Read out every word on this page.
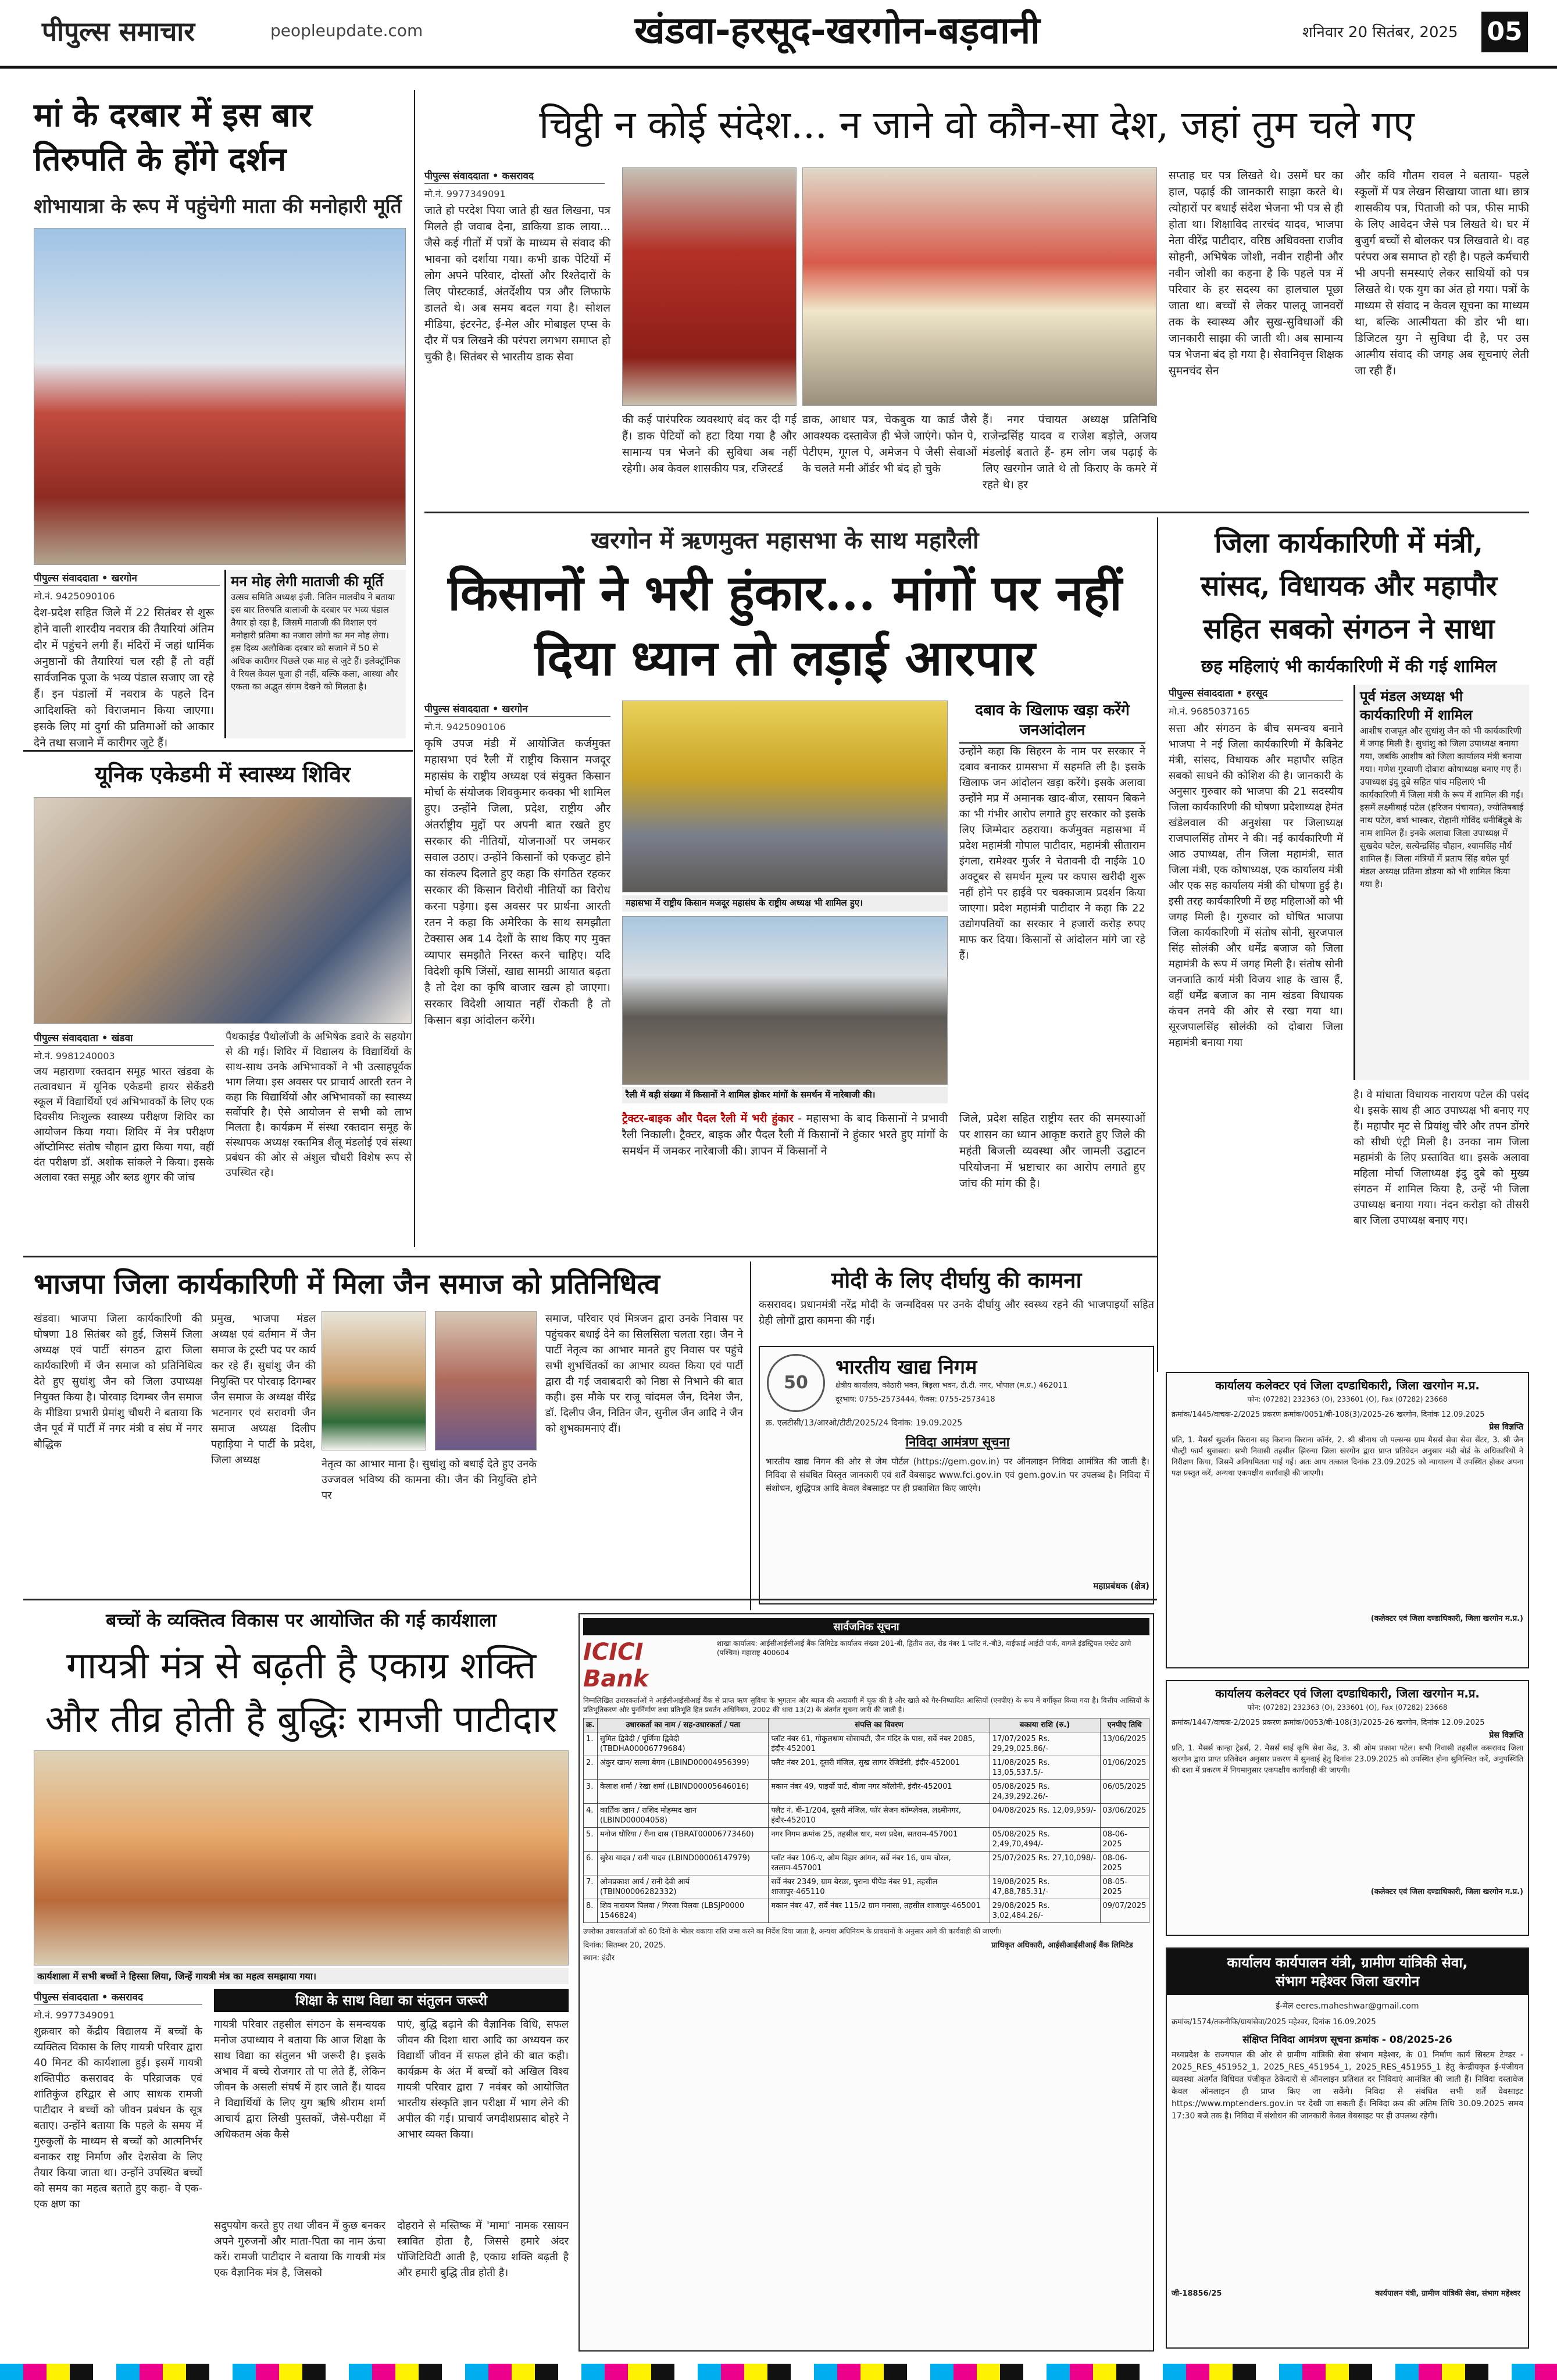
पीपुल्स समाचार	peopleupdate.com	खंडवा-हरसूद-खरगोन-बड़वानी	शनिवार 20 सितंबर, 2025	05
मां के दरबार में इस बार तिरुपति के होंगे दर्शन
शोभायात्रा के रूप में पहुंचेगी माता की मनोहारी मूर्ति
पीपुल्स संवाददाता • खरगोन
मो.नं. 9425090106
देश-प्रदेश सहित जिले में 22 सितंबर से शुरू होने वाली शारदीय नवरात्र की तैयारियां अंतिम दौर में पहुंचने लगी हैं। मंदिरों में जहां धार्मिक अनुष्ठानों की तैयारियां चल रही हैं तो वहीं सार्वजनिक पूजा के भव्य पंडाल सजाए जा रहे हैं। इन पंडालों में नवरात्र के पहले दिन आदिशक्ति को विराजमान किया जाएगा। इसके लिए मां दुर्गा की प्रतिमाओं को आकार देने तथा सजाने में कारीगर जुटे हैं।
मन मोह लेगी माताजी की मूर्ति
उत्सव समिति अध्यक्ष इंजी. नितिन मालवीय ने बताया इस बार तिरुपति बालाजी के दरबार पर भव्य पंडाल तैयार हो रहा है, जिसमें माताजी की विशाल एवं मनोहारी प्रतिमा का नजारा लोगों का मन मोह लेगा। इस दिव्य अलौकिक दरबार को सजाने में 50 से अधिक कारीगर पिछले एक माह से जुटे हैं। इलेक्ट्रॉनिक वे रियल केवल पूजा ही नहीं, बल्कि कला, आस्था और एकता का अद्भुत संगम देखने को मिलता है।
चिट्ठी न कोई संदेश... न जाने वो कौन-सा देश, जहां तुम चले गए
पीपुल्स संवाददाता • कसरावद
मो.नं. 9977349091
जाते हो परदेश पिया जाते ही खत लिखना, पत्र मिलते ही जवाब देना, डाकिया डाक लाया... जैसे कई गीतों में पत्रों के माध्यम से संवाद की भावना को दर्शाया गया। कभी डाक पेटियों में लोग अपने परिवार, दोस्तों और रिश्तेदारों के लिए पोस्टकार्ड, अंतर्देशीय पत्र और लिफाफे डालते थे। अब समय बदल गया है। सोशल मीडिया, इंटरनेट, ई-मेल और मोबाइल एप्स के दौर में पत्र लिखने की परंपरा लगभग समाप्त हो चुकी है। सितंबर से भारतीय डाक सेवा
की कई पारंपरिक व्यवस्थाएं बंद कर दी गई हैं। डाक पेटियों को हटा दिया गया है और सामान्य पत्र भेजने की सुविधा अब नहीं रहेगी। अब केवल शासकीय पत्र, रजिस्टर्ड
डाक, आधार पत्र, चेकबुक या कार्ड जैसे आवश्यक दस्तावेज ही भेजे जाएंगे। फोन पे, पेटीएम, गूगल पे, अमेजन पे जैसी सेवाओं के चलते मनी ऑर्डर भी बंद हो चुके
हैं। नगर पंचायत अध्यक्ष प्रतिनिधि राजेन्द्रसिंह यादव व राजेश बड़ोले, अजय मंडलोई बताते हैं- हम लोग जब पढ़ाई के लिए खरगोन जाते थे तो किराए के कमरे में रहते थे। हर
सप्ताह घर पत्र लिखते थे। उसमें घर का हाल, पढ़ाई की जानकारी साझा करते थे। त्योहारों पर बधाई संदेश भेजना भी पत्र से ही होता था। शिक्षाविद तारचंद यादव, भाजपा नेता वीरेंद्र पाटीदार, वरिष्ठ अधिवक्ता राजीव सोहनी, अभिषेक जोशी, नवीन राहीनी और नवीन जोशी का कहना है कि पहले पत्र में परिवार के हर सदस्य का हालचाल पूछा जाता था। बच्चों से लेकर पालतू जानवरों तक के स्वास्थ्य और सुख-सुविधाओं की जानकारी साझा की जाती थी। अब सामान्य पत्र भेजना बंद हो गया है। सेवानिवृत्त शिक्षक सुमनचंद सेन
और कवि गौतम रावल ने बताया- पहले स्कूलों में पत्र लेखन सिखाया जाता था। छात्र शासकीय पत्र, पिताजी को पत्र, फीस माफी के लिए आवेदन जैसे पत्र लिखते थे। घर में बुजुर्ग बच्चों से बोलकर पत्र लिखवाते थे। वह परंपरा अब समाप्त हो रही है। पहले कर्मचारी भी अपनी समस्याएं लेकर साथियों को पत्र लिखते थे। एक युग का अंत हो गया। पत्रों के माध्यम से संवाद न केवल सूचना का माध्यम था, बल्कि आत्मीयता की डोर भी था। डिजिटल युग ने सुविधा दी है, पर उस आत्मीय संवाद की जगह अब सूचनाएं लेती जा रही हैं।
खरगोन में ऋणमुक्त महासभा के साथ महारैली
किसानों ने भरी हुंकार... मांगों पर नहीं दिया ध्यान तो लड़ाई आरपार
पीपुल्स संवाददाता • खरगोन
मो.नं. 9425090106
कृषि उपज मंडी में आयोजित कर्जमुक्त महासभा एवं रैली में राष्ट्रीय किसान मजदूर महासंघ के राष्ट्रीय अध्यक्ष एवं संयुक्त किसान मोर्चा के संयोजक शिवकुमार कक्का भी शामिल हुए। उन्होंने जिला, प्रदेश, राष्ट्रीय और अंतर्राष्ट्रीय मुद्दों पर अपनी बात रखते हुए सरकार की नीतियों, योजनाओं पर जमकर सवाल उठाए। उन्होंने किसानों को एकजुट होने का संकल्प दिलाते हुए कहा कि संगठित रहकर सरकार की किसान विरोधी नीतियों का विरोध करना पड़ेगा। इस अवसर पर प्रार्थना आरती रतन ने कहा कि अमेरिका के साथ समझौता टेक्सास अब 14 देशों के साथ किए गए मुक्त व्यापार समझौते निरस्त करने चाहिए। यदि विदेशी कृषि जिंसों, खाद्य सामग्री आयात बढ़ता है तो देश का कृषि बाजार खत्म हो जाएगा। सरकार विदेशी आयात नहीं रोकती है तो किसान बड़ा आंदोलन करेंगे।
महासभा में राष्ट्रीय किसान मजदूर महासंघ के राष्ट्रीय अध्यक्ष भी शामिल हुए।
रैली में बड़ी संख्या में किसानों ने शामिल होकर मांगों के समर्थन में नारेबाजी की।
दबाव के खिलाफ खड़ा करेंगे जनआंदोलन
उन्होंने कहा कि सिहरन के नाम पर सरकार ने दबाव बनाकर ग्रामसभा में सहमति ली है। इसके खिलाफ जन आंदोलन खड़ा करेंगे। इसके अलावा उन्होंने मप्र में अमानक खाद-बीज, रसायन बिकने का भी गंभीर आरोप लगाते हुए सरकार को इसके लिए जिम्मेदार ठहराया। कर्जमुक्त महासभा में प्रदेश महामंत्री गोपाल पाटीदार, महामंत्री सीताराम इंगला, रामेश्वर गुर्जर ने चेतावनी दी नाईके 10 अक्टूबर से समर्थन मूल्य पर कपास खरीदी शुरू नहीं होने पर हाईवे पर चक्काजाम प्रदर्शन किया जाएगा। प्रदेश महामंत्री पाटीदार ने कहा कि 22 उद्योगपतियों का सरकार ने हजारों करोड़ रुपए माफ कर दिया। किसानों से आंदोलन मांगे जा रहे हैं।
ट्रैक्टर-बाइक और पैदल रैली में भरी हुंकार - महासभा के बाद किसानों ने प्रभावी रैली निकाली। ट्रैक्टर, बाइक और पैदल रैली में किसानों ने हुंकार भरते हुए मांगों के समर्थन में जमकर नारेबाजी की। ज्ञापन में किसानों ने
जिले, प्रदेश सहित राष्ट्रीय स्तर की समस्याओं पर शासन का ध्यान आकृष्ट कराते हुए जिले की महंती बिजली व्यवस्था और जामली उद्घाटन परियोजना में भ्रष्टाचार का आरोप लगाते हुए जांच की मांग की है।
जिला कार्यकारिणी में मंत्री,
सांसद, विधायक और महापौर
सहित सबको संगठन ने साधा
छह महिलाएं भी कार्यकारिणी में की गई शामिल
पीपुल्स संवाददाता • हरसूद
मो.नं. 9685037165
सत्ता और संगठन के बीच समन्वय बनाने भाजपा ने नई जिला कार्यकारिणी में कैबिनेट मंत्री, सांसद, विधायक और महापौर सहित सबको साधने की कोशिश की है। जानकारी के अनुसार गुरुवार को भाजपा की 21 सदस्यीय जिला कार्यकारिणी की घोषणा प्रदेशाध्यक्ष हेमंत खंडेलवाल की अनुशंसा पर जिलाध्यक्ष राजपालसिंह तोमर ने की। नई कार्यकारिणी में आठ उपाध्यक्ष, तीन जिला महामंत्री, सात जिला मंत्री, एक कोषाध्यक्ष, एक कार्यालय मंत्री और एक सह कार्यालय मंत्री की घोषणा हुई है। इसी तरह कार्यकारिणी में छह महिलाओं को भी जगह मिली है। गुरुवार को घोषित भाजपा जिला कार्यकारिणी में संतोष सोनी, सुरजपाल सिंह सोलंकी और धर्मेंद्र बजाज को जिला महामंत्री के रूप में जगह मिली है। संतोष सोनी जनजाति कार्य मंत्री विजय शाह के खास हैं, वहीं धर्मेंद्र बजाज का नाम खंडवा विधायक कंचन तनवे की ओर से रखा गया था। सूरजपालसिंह सोलंकी को दोबारा जिला महामंत्री बनाया गया
पूर्व मंडल अध्यक्ष भी कार्यकारिणी में शामिल
आशीष राजपूत और सुधांशु जैन को भी कार्यकारिणी में जगह मिली है। सुधांशु को जिला उपाध्यक्ष बनाया गया, जबकि आशीष को जिला कार्यालय मंत्री बनाया गया। गणेश गुरवाणी दोबारा कोषाध्यक्ष बनाए गए हैं। उपाध्यक्ष इंदु दुबे सहित पांच महिलाएं भी कार्यकारिणी में जिला मंत्री के रूप में शामिल की गई। इसमें लक्ष्मीबाई पटेल (हरिजन पंचायत), ज्योतिषबाई नाथ पटेल, वर्षा भास्कर, रोहानी गोविंद धनीबिंदुबे के नाम शामिल हैं। इनके अलावा जिला उपाध्यक्ष में सुखदेव पटेल, सत्येन्द्रसिंह चौहान, श्यामसिंह मौर्य शामिल हैं। जिला मंत्रियों में प्रताप सिंह बघेल पूर्व मंडल अध्यक्ष प्रतिमा डोडया को भी शामिल किया गया है।
है। वे मांधाता विधायक नारायण पटेल की पसंद थे। इसके साथ ही आठ उपाध्यक्ष भी बनाए गए हैं। महापौर मृट से प्रियांशु चौरे और तपन डोंगरे को सीधी एंट्री मिली है। उनका नाम जिला महामंत्री के लिए प्रस्तावित था। इसके अलावा महिला मोर्चा जिलाध्यक्ष इंदु दुबे को मुख्य संगठन में शामिल किया है, उन्हें भी जिला उपाध्यक्ष बनाया गया। नंदन करोड़ा को तीसरी बार जिला उपाध्यक्ष बनाए गए।
यूनिक एकेडमी में स्वास्थ्य शिविर
पीपुल्स संवाददाता • खंडवा
मो.नं. 9981240003
जय महाराणा रक्तदान समूह भारत खंडवा के तत्वावधान में यूनिक एकेडमी हायर सेकेंडरी स्कूल में विद्यार्थियों एवं अभिभावकों के लिए एक दिवसीय निःशुल्क स्वास्थ्य परीक्षण शिविर का आयोजन किया गया। शिविर में नेत्र परीक्षण ऑप्टोमिस्ट संतोष चौहान द्वारा किया गया, वहीं दंत परीक्षण डॉ. अशोक सांकले ने किया। इसके अलावा रक्त समूह और ब्लड शुगर की जांच
पैथकाईड पैथोलॉजी के अभिषेक डवारे के सहयोग से की गई। शिविर में विद्यालय के विद्यार्थियों के साथ-साथ उनके अभिभावकों ने भी उत्साहपूर्वक भाग लिया। इस अवसर पर प्राचार्य आरती रतन ने कहा कि विद्यार्थियों और अभिभावकों का स्वास्थ्य सर्वोपरि है। ऐसे आयोजन से सभी को लाभ मिलता है। कार्यक्रम में संस्था रक्तदान समूह के संस्थापक अध्यक्ष रक्तमित्र शैलू मंडलोई एवं संस्था प्रबंधन की ओर से अंशुल चौधरी विशेष रूप से उपस्थित रहे।
भाजपा जिला कार्यकारिणी में मिला जैन समाज को प्रतिनिधित्व
खंडवा। भाजपा जिला कार्यकारिणी की घोषणा 18 सितंबर को हुई, जिसमें जिला अध्यक्ष एवं पार्टी संगठन द्वारा जिला कार्यकारिणी में जैन समाज को प्रतिनिधित्व देते हुए सुधांशु जैन को जिला उपाध्यक्ष नियुक्त किया है। पोरवाड़ दिगम्बर जैन समाज के मीडिया प्रभारी प्रेमांशु चौधरी ने बताया कि जैन पूर्व में पार्टी में नगर मंत्री व संघ में नगर बौद्धिक
प्रमुख, भाजपा मंडल अध्यक्ष एवं वर्तमान में जैन समाज के ट्रस्टी पद पर कार्य कर रहे हैं। सुधांशु जैन की नियुक्ति पर पोरवाड़ दिगम्बर जैन समाज के अध्यक्ष वीरेंद्र भटनागर एवं सरावगी जैन समाज अध्यक्ष दिलीप पहाड़िया ने पार्टी के प्रदेश, जिला अध्यक्ष
समाज, परिवार एवं मित्रजन द्वारा उनके निवास पर पहुंचकर बधाई देने का सिलसिला चलता रहा। जैन ने पार्टी नेतृत्व का आभार मानते हुए निवास पर पहुंचे सभी शुभचिंतकों का आभार व्यक्त किया एवं पार्टी द्वारा दी गई जवाबदारी को निष्ठा से निभाने की बात कही। इस मौके पर राजू चांदमल जैन, दिनेश जैन, डॉ. दिलीप जैन, नितिन जैन, सुनील जैन आदि ने जैन को शुभकामनाएं दीं।
नेतृत्व का आभार माना है। सुधांशु को बधाई देते हुए उनके उज्जवल भविष्य की कामना की। जैन की नियुक्ति होने पर
मोदी के लिए दीर्घायु की कामना
कसरावद। प्रधानमंत्री नरेंद्र मोदी के जन्मदिवस पर उनके दीर्घायु और स्वस्थ्य रहने की भाजपाइयों सहित ग्रेही लोगों द्वारा कामना की गई।
50
भारतीय खाद्य निगम
क्षेत्रीय कार्यालय, कोठारी भवन, बिड़ला भवन, टी.टी. नगर, भोपाल (म.प्र.) 462011
दूरभाष: 0755-2573444, फैक्स: 0755-2573418
क्र. एलटीसी/13/आरओ/टीटी/2025/24 दिनांक: 19.09.2025
निविदा आमंत्रण सूचना
भारतीय खाद्य निगम की ओर से जेम पोर्टल (https://gem.gov.in) पर ऑनलाइन निविदा आमंत्रित की जाती है। निविदा से संबंधित विस्तृत जानकारी एवं शर्तें वेबसाइट www.fci.gov.in एवं gem.gov.in पर उपलब्ध है। निविदा में संशोधन, शुद्धिपत्र आदि केवल वेबसाइट पर ही प्रकाशित किए जाएंगे।
महाप्रबंधक (क्षेत्र)
कार्यालय कलेक्टर एवं जिला दण्डाधिकारी, जिला खरगोन म.प्र.
फोन: (07282) 232363 (O), 233601 (O), Fax (07282) 23668
क्रमांक/1445/वाचक-2/2025 प्रकरण क्रमांक/0051/बी-108(3)/2025-26 खरगोन, दिनांक 12.09.2025
प्रेस विज्ञप्ति
प्रति, 1. मैसर्स सुदर्शन किराना सह किराना किराना कॉर्नर, 2. श्री श्रीनाथ जी पल्सन्स ग्राम मैसर्स सेवा सेवा सेंटर, 3. श्री जैन पौल्ट्री फार्म सुवासरा। सभी निवासी तहसील झिरन्या जिला खरगोन द्वारा प्राप्त प्रतिवेदन अनुसार मंडी बोर्ड के अधिकारियों ने निरीक्षण किया, जिसमें अनियमितता पाई गई। अतः आप तत्काल दिनांक 23.09.2025 को न्यायालय में उपस्थित होकर अपना पक्ष प्रस्तुत करें, अन्यथा एकपक्षीय कार्यवाही की जाएगी।
(कलेक्टर एवं जिला दण्डाधिकारी, जिला खरगोन म.प्र.)
कार्यालय कलेक्टर एवं जिला दण्डाधिकारी, जिला खरगोन म.प्र.
फोन: (07282) 232363 (O), 233601 (O), Fax (07282) 23668
क्रमांक/1447/वाचक-2/2025 प्रकरण क्रमांक/0053/बी-108(3)/2025-26 खरगोन, दिनांक 12.09.2025
प्रेस विज्ञप्ति
प्रति, 1. मैसर्स कान्हा ट्रेडर्स, 2. मैसर्स साई कृषि सेवा केंद्र, 3. श्री ओम प्रकाश पटेल। सभी निवासी तहसील कसरावद जिला खरगोन द्वारा प्राप्त प्रतिवेदन अनुसार प्रकरण में सुनवाई हेतु दिनांक 23.09.2025 को उपस्थित होना सुनिश्चित करें, अनुपस्थिति की दशा में प्रकरण में नियमानुसार एकपक्षीय कार्यवाही की जाएगी।
(कलेक्टर एवं जिला दण्डाधिकारी, जिला खरगोन म.प्र.)
कार्यालय कार्यपालन यंत्री, ग्रामीण यांत्रिकी सेवा,
संभाग महेश्वर जिला खरगोन
ई-मेल eeres.maheshwar@gmail.com
क्रमांक/1574/तकनीकि/ग्रायांसेवा/2025 महेश्वर, दिनांक 16.09.2025
संक्षिप्त निविदा आमंत्रण सूचना क्रमांक - 08/2025-26
मध्यप्रदेश के राज्यपाल की ओर से ग्रामीण यांत्रिकी सेवा संभाग महेश्वर, के 01 निर्माण कार्य सिस्टम टेण्डर - 2025_RES_451952_1, 2025_RES_451954_1, 2025_RES_451955_1 हेतु केन्द्रीयकृत ई-पंजीयन व्यवस्था अंतर्गत विधिवत पंजीकृत ठेकेदारों से ऑनलाइन प्रतिशत दर निविदाएं आमंत्रित की जाती हैं। निविदा दस्तावेज केवल ऑनलाइन ही प्राप्त किए जा सकेंगे। निविदा से संबंधित सभी शर्तें वेबसाइट https://www.mptenders.gov.in पर देखी जा सकती हैं। निविदा क्रय की अंतिम तिथि 30.09.2025 समय 17:30 बजे तक है। निविदा में संशोधन की जानकारी केवल वेबसाइट पर ही उपलब्ध रहेगी।
जी-18856/25	कार्यपालन यंत्री, ग्रामीण यांत्रिकी सेवा, संभाग महेश्वर
बच्चों के व्यक्तित्व विकास पर आयोजित की गई कार्यशाला
गायत्री मंत्र से बढ़ती है एकाग्र शक्ति
और तीव्र होती है बुद्धिः रामजी पाटीदार
कार्यशाला में सभी बच्चों ने हिस्सा लिया, जिन्हें गायत्री मंत्र का महत्व समझाया गया।
पीपुल्स संवाददाता • कसरावद
मो.नं. 9977349091
शुक्रवार को केंद्रीय विद्यालय में बच्चों के व्यक्तित्व विकास के लिए गायत्री परिवार द्वारा 40 मिनट की कार्यशाला हुई। इसमें गायत्री शक्तिपीठ कसरावद के परिव्राजक एवं शांतिकुंज हरिद्वार से आए साधक रामजी पाटीदार ने बच्चों को जीवन प्रबंधन के सूत्र बताए। उन्होंने बताया कि पहले के समय में गुरुकुलों के माध्यम से बच्चों को आत्मनिर्भर बनाकर राष्ट्र निर्माण और देशसेवा के लिए तैयार किया जाता था। उन्होंने उपस्थित बच्चों को समय का महत्व बताते हुए कहा- वे एक-एक क्षण का
शिक्षा के साथ विद्या का संतुलन जरूरी
गायत्री परिवार तहसील संगठन के समन्वयक मनोज उपाध्याय ने बताया कि आज शिक्षा के साथ विद्या का संतुलन भी जरूरी है। इसके अभाव में बच्चे रोजगार तो पा लेते हैं, लेकिन जीवन के असली संघर्ष में हार जाते हैं। यादव ने विद्यार्थियों के लिए युग ऋषि श्रीराम शर्मा आचार्य द्वारा लिखी पुस्तकों, जैसे-परीक्षा में अधिकतम अंक कैसे
पाएं, बुद्धि बढ़ाने की वैज्ञानिक विधि, सफल जीवन की दिशा धारा आदि का अध्ययन कर विद्यार्थी जीवन में सफल होने की बात कही। कार्यक्रम के अंत में बच्चों को अखिल विश्व गायत्री परिवार द्वारा 7 नवंबर को आयोजित भारतीय संस्कृति ज्ञान परीक्षा में भाग लेने की अपील की गई। प्राचार्य जगदीशप्रसाद बोहरे ने आभार व्यक्त किया।
सदुपयोग करते हुए तथा जीवन में कुछ बनकर अपने गुरुजनों और माता-पिता का नाम ऊंचा करें। रामजी पाटीदार ने बताया कि गायत्री मंत्र एक वैज्ञानिक मंत्र है, जिसको
दोहराने से मस्तिष्क में 'मामा' नामक रसायन स्त्रावित होता है, जिससे हमारे अंदर पॉजिटिविटी आती है, एकाग्र शक्ति बढ़ती है और हमारी बुद्धि तीव्र होती है।
सार्वजनिक सूचना
ICICI Bank
शाखा कार्यालय: आईसीआईसीआई बैंक लिमिटेड कार्यालय संख्या 201-बी, द्वितीय तल, रोड नंबर 1 प्लॉट नं.-बी3, वाईफाई आईटी पार्क, वागले इंडस्ट्रियल एस्टेट ठाणे (पश्चिम) महाराष्ट्र 400604
निम्नलिखित उधारकर्ताओं ने आईसीआईसीआई बैंक से प्राप्त ऋण सुविधा के भुगतान और ब्याज की अदायगी में चूक की है और खाते को गैर-निष्पादित आस्तियों (एनपीए) के रूप में वर्गीकृत किया गया है। वित्तीय आस्तियों के प्रतिभूतिकरण और पुनर्निर्माण तथा प्रतिभूति हित प्रवर्तन अधिनियम, 2002 की धारा 13(2) के अंतर्गत सूचना जारी की जाती है।
क्र.	उधारकर्ता का नाम / सह-उधारकर्ता / पता	संपत्ति का विवरण	बकाया राशि (रु.)	एनपीए तिथि
1.	सुमित द्विवेदी / पूर्णिमा द्विवेदी (TBDHA00006779684)	प्लॉट नंबर 61, गोकुलधाम सोसायटी, जैन मंदिर के पास, सर्वे नंबर 2085, इंदौर-452001	17/07/2025 Rs. 29,29,025.86/-	13/06/2025
2.	अंकुर खान/ सल्मा बेगम (LBIND00004956399)	फ्लैट नंबर 201, दूसरी मंजिल, सुख सागर रेजिडेंसी, इंदौर-452001	11/08/2025 Rs. 13,05,537.5/-	01/06/2025
3.	केलाश शर्मा / रेखा शर्मा (LBIND00005646016)	मकान नंबर 49, पाइयों पार्ट, वीणा नगर कॉलोनी, इंदौर-452001	05/08/2025 Rs. 24,39,292.26/-	06/05/2025
4.	कार्तिक खान / राशिद मोहम्मद खान (LBIND00004058)	फ्लैट नं. बी-1/204, दूसरी मंजिल, फॉर सेजन कॉम्प्लेक्स, लक्ष्मीनगर, इंदौर-452010	04/08/2025 Rs. 12,09,959/-	03/06/2025
5.	मनोज धौरिया / रीना दास (TBRAT00006773460)	नगर निगम क्रमांक 25, तहसील धार, मध्य प्रदेश, सतराम-457001	05/08/2025 Rs. 2,49,70,494/-	08-06-2025
6.	सुरेश यादव / रानी यादव (LBIND00006147979)	प्लॉट नंबर 106-ए, ओम विहार आंगन, सर्वे नंबर 16, ग्राम चोरल, रतलाम-457001	25/07/2025 Rs. 27,10,098/-	08-06-2025
7.	ओमप्रकाश आर्य / रानी देवी आर्य (TBIN00006282332)	सर्वे नंबर 2349, ग्राम बेरछा, पुराना पीपेड नंबर 91, तहसील शाजापुर-465110	19/08/2025 Rs. 47,88,785.31/-	08-05-2025
8.	शिव नारायण पिलवा / गिरजा पिलवा (LBSJP0000 1546824)	मकान नंबर 47, सर्वे नंबर 115/2 ग्राम मनासा, तहसील शाजापुर-465001	29/08/2025 Rs. 3,02,484.26/-	09/07/2025
उपरोक्त उधारकर्ताओं को 60 दिनों के भीतर बकाया राशि जमा करने का निर्देश दिया जाता है, अन्यथा अधिनियम के प्रावधानों के अनुसार आगे की कार्यवाही की जाएगी।
दिनांक: सितम्बर 20, 2025.
स्थान: इंदौर
प्राधिकृत अधिकारी, आईसीआईसीआई बैंक लिमिटेड
